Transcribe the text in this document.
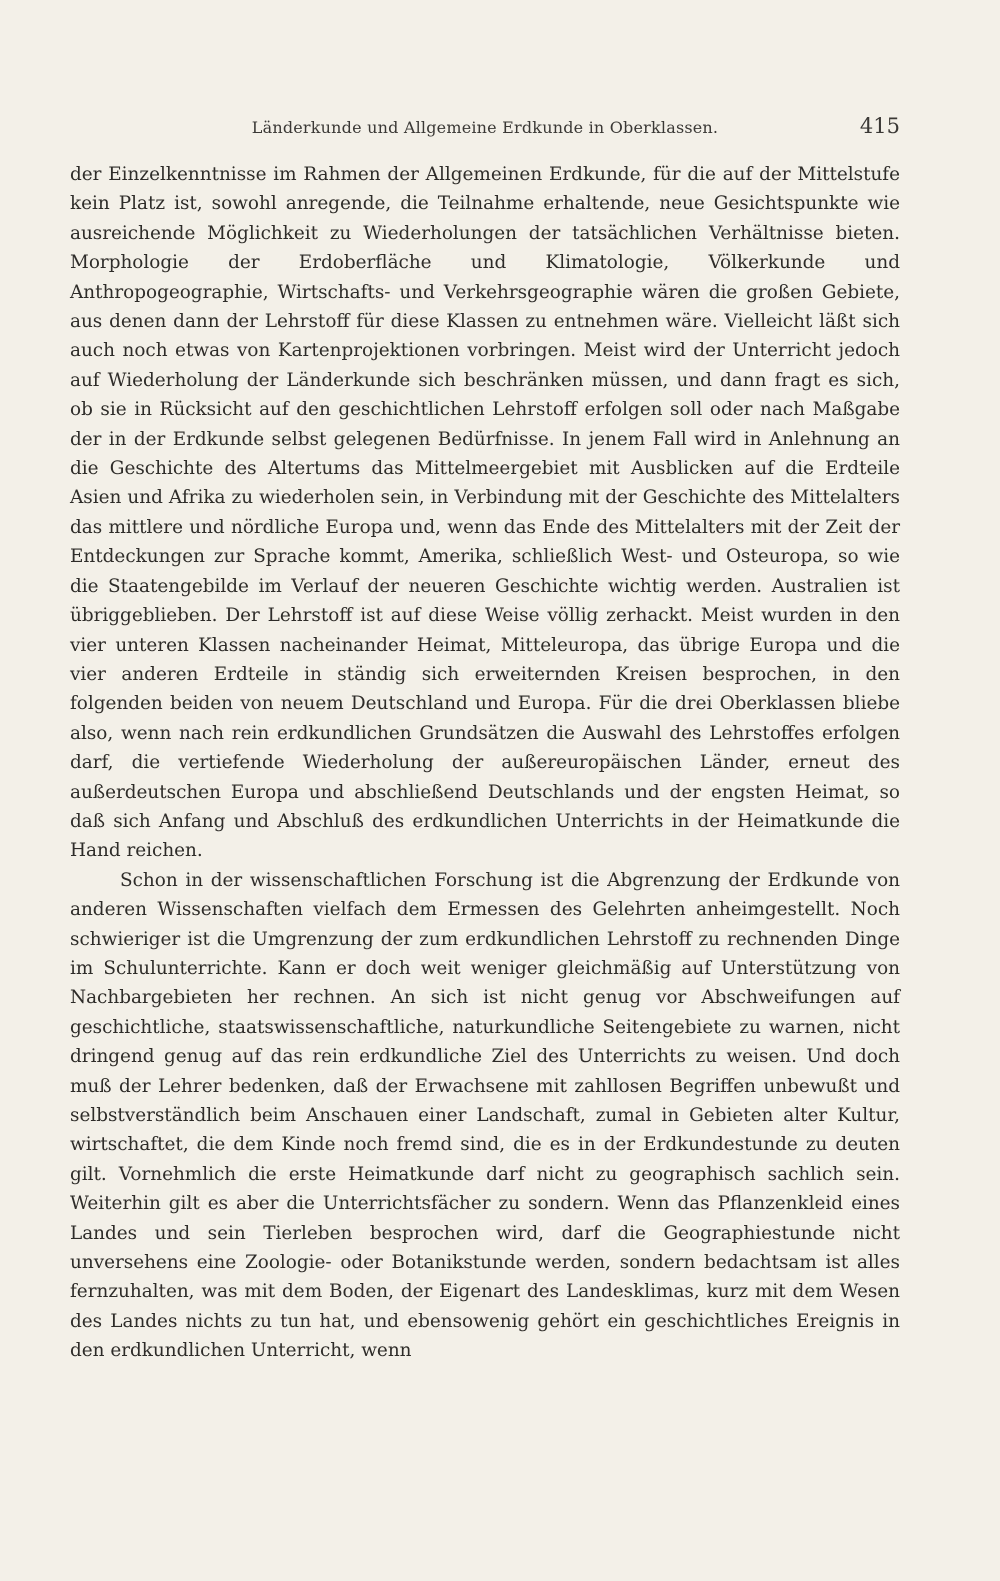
Länderkunde und Allgemeine Erdkunde in Oberklassen.	415

der Einzelkenntnisse im Rahmen der Allgemeinen Erdkunde, für die auf der Mittelstufe kein Platz ist, sowohl anregende, die Teilnahme erhaltende, neue Gesichtspunkte wie ausreichende Möglichkeit zu Wiederholungen der tatsächlichen Verhältnisse bieten. Morphologie der Erdoberfläche und Klimatologie, Völkerkunde und Anthropogeographie, Wirtschafts- und Verkehrsgeographie wären die großen Gebiete, aus denen dann der Lehrstoff für diese Klassen zu entnehmen wäre. Vielleicht läßt sich auch noch etwas von Kartenprojektionen vorbringen. Meist wird der Unterricht jedoch auf Wiederholung der Länderkunde sich beschränken müssen, und dann fragt es sich, ob sie in Rücksicht auf den geschichtlichen Lehrstoff erfolgen soll oder nach Maßgabe der in der Erdkunde selbst gelegenen Bedürfnisse. In jenem Fall wird in Anlehnung an die Geschichte des Altertums das Mittelmeergebiet mit Ausblicken auf die Erdteile Asien und Afrika zu wiederholen sein, in Verbindung mit der Geschichte des Mittelalters das mittlere und nördliche Europa und, wenn das Ende des Mittelalters mit der Zeit der Entdeckungen zur Sprache kommt, Amerika, schließlich West- und Osteuropa, so wie die Staatengebilde im Verlauf der neueren Geschichte wichtig werden. Australien ist übriggeblieben. Der Lehrstoff ist auf diese Weise völlig zerhackt. Meist wurden in den vier unteren Klassen nacheinander Heimat, Mitteleuropa, das übrige Europa und die vier anderen Erdteile in ständig sich erweiternden Kreisen besprochen, in den folgenden beiden von neuem Deutschland und Europa. Für die drei Oberklassen bliebe also, wenn nach rein erdkundlichen Grundsätzen die Auswahl des Lehrstoffes erfolgen darf, die vertiefende Wiederholung der außereuropäischen Länder, erneut des außerdeutschen Europa und abschließend Deutschlands und der engsten Heimat, so daß sich Anfang und Abschluß des erdkundlichen Unterrichts in der Heimatkunde die Hand reichen.

Schon in der wissenschaftlichen Forschung ist die Abgrenzung der Erdkunde von anderen Wissenschaften vielfach dem Ermessen des Gelehrten anheimgestellt. Noch schwieriger ist die Umgrenzung der zum erdkundlichen Lehrstoff zu rechnenden Dinge im Schulunterrichte. Kann er doch weit weniger gleichmäßig auf Unterstützung von Nachbargebieten her rechnen. An sich ist nicht genug vor Abschweifungen auf geschichtliche, staatswissenschaftliche, naturkundliche Seitengebiete zu warnen, nicht dringend genug auf das rein erdkundliche Ziel des Unterrichts zu weisen. Und doch muß der Lehrer bedenken, daß der Erwachsene mit zahllosen Begriffen unbewußt und selbstverständlich beim Anschauen einer Landschaft, zumal in Gebieten alter Kultur, wirtschaftet, die dem Kinde noch fremd sind, die es in der Erdkundestunde zu deuten gilt. Vornehmlich die erste Heimatkunde darf nicht zu geographisch sachlich sein. Weiterhin gilt es aber die Unterrichtsfächer zu sondern. Wenn das Pflanzenkleid eines Landes und sein Tierleben besprochen wird, darf die Geographiestunde nicht unversehens eine Zoologie- oder Botanikstunde werden, sondern bedachtsam ist alles fernzuhalten, was mit dem Boden, der Eigenart des Landesklimas, kurz mit dem Wesen des Landes nichts zu tun hat, und ebensowenig gehört ein geschichtliches Ereignis in den erdkundlichen Unterricht, wenn
